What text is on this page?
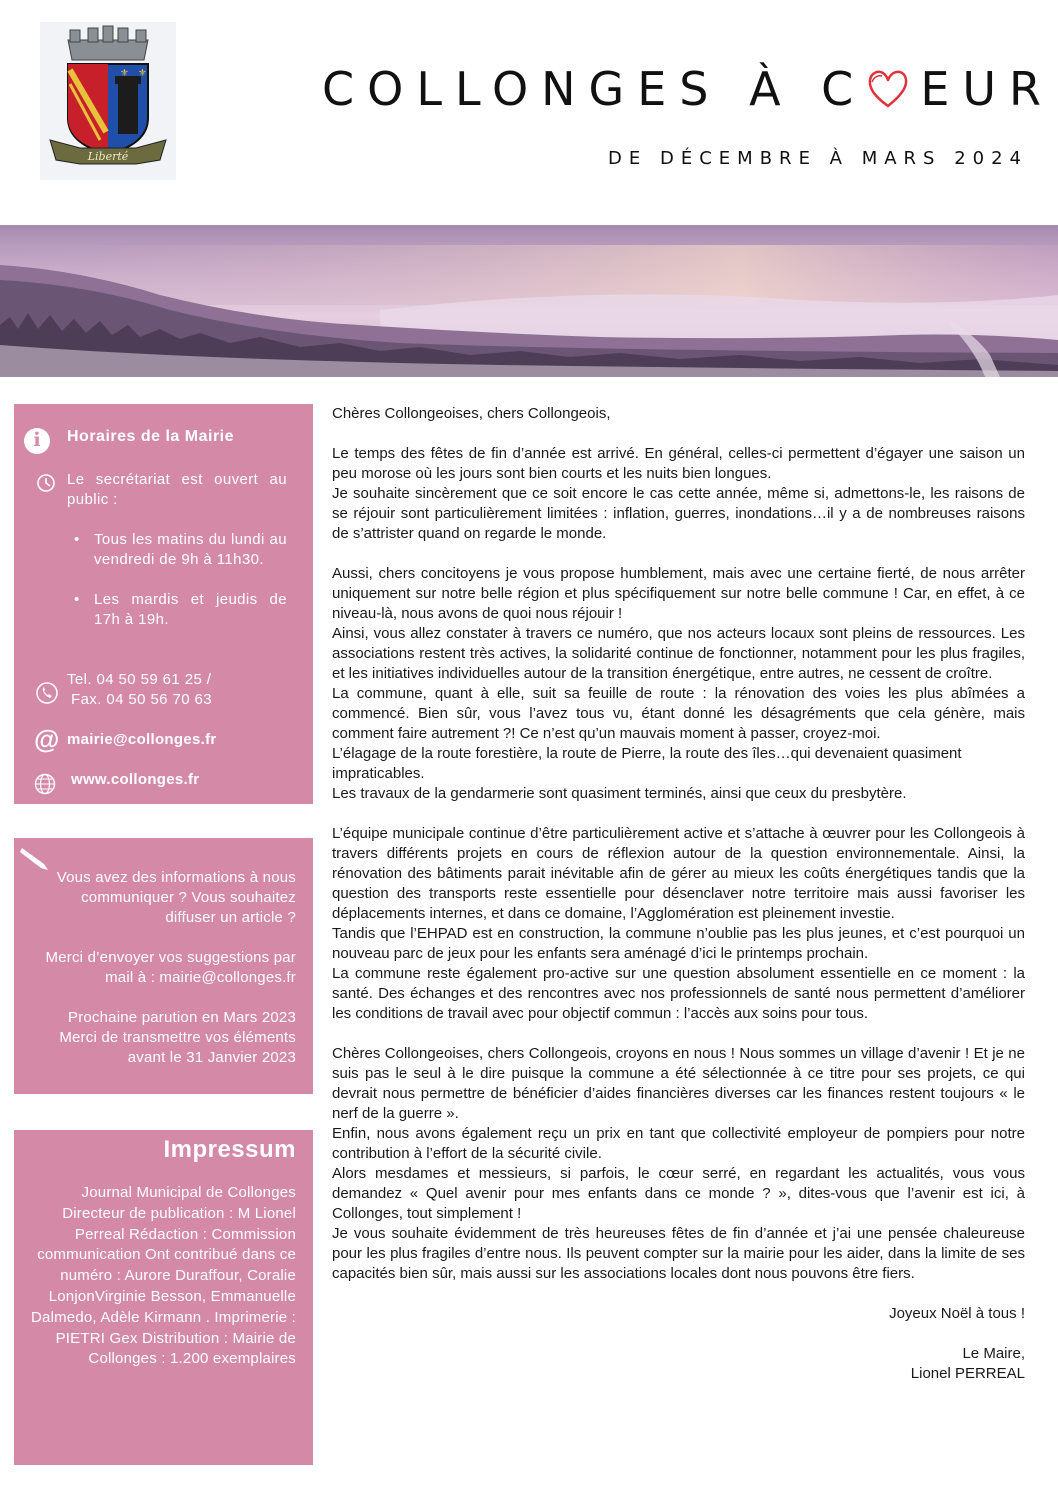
⚜ ⚜
Liberté
COLLONGES À C EUR
DE DÉCEMBRE À MARS 2024
i	Horaires de la Mairie
Le secrétariat est ouvert au public :
• Tous les matins du lundi au vendredi de 9h à 11h30.
• Les mardis et jeudis de 17h à 19h.
Tel. 04 50 59 61 25 /
Fax. 04 50 56 70 63
@ mairie@collonges.fr
www.collonges.fr

Vous avez des informations à nous communiquer ? Vous souhaitez diffuser un article ?

Merci d’envoyer vos suggestions par mail à : mairie@collonges.fr

Prochaine parution en Mars 2023 Merci de transmettre vos éléments avant le 31 Janvier 2023

Impressum
Journal Municipal de Collonges Directeur de publication : M Lionel Perreal Rédaction : Commission communication Ont contribué dans ce numéro : Aurore Duraffour, Coralie LonjonVirginie Besson, Emmanuelle Dalmedo, Adèle Kirmann . Imprimerie : PIETRI Gex Distribution : Mairie de Collonges : 1.200 exemplaires

Chères Collongeoises, chers Collongeois,

Le temps des fêtes de fin d’année est arrivé. En général, celles-ci permettent d’égayer une saison un peu morose où les jours sont bien courts et les nuits bien longues.

Je souhaite sincèrement que ce soit encore le cas cette année, même si, admettons-le, les raisons de se réjouir sont particulièrement limitées : inflation, guerres, inondations…il y a de nombreuses raisons de s’attrister quand on regarde le monde.

Aussi, chers concitoyens je vous propose humblement, mais avec une certaine fierté, de nous arrêter uniquement sur notre belle région et plus spécifiquement sur notre belle commune ! Car, en effet, à ce niveau-là, nous avons de quoi nous réjouir !

Ainsi, vous allez constater à travers ce numéro, que nos acteurs locaux sont pleins de ressources. Les associations restent très actives, la solidarité continue de fonctionner, notamment pour les plus fragiles, et les initiatives individuelles autour de la transition énergétique, entre autres, ne cessent de croître.

La commune, quant à elle, suit sa feuille de route : la rénovation des voies les plus abîmées a commencé. Bien sûr, vous l’avez tous vu, étant donné les désagréments que cela génère, mais comment faire autrement ?! Ce n’est qu’un mauvais moment à passer, croyez-moi.

L’élagage de la route forestière, la route de Pierre, la route des îles…qui devenaient quasiment impraticables.

Les travaux de la gendarmerie sont quasiment terminés, ainsi que ceux du presbytère.

L’équipe municipale continue d’être particulièrement active et s’attache à œuvrer pour les Collongeois à travers différents projets en cours de réflexion autour de la question environnementale. Ainsi, la rénovation des bâtiments parait inévitable afin de gérer au mieux les coûts énergétiques tandis que la question des transports reste essentielle pour désenclaver notre territoire mais aussi favoriser les déplacements internes, et dans ce domaine, l’Agglomération est pleinement investie.

Tandis que l’EHPAD est en construction, la commune n’oublie pas les plus jeunes, et c’est pourquoi un nouveau parc de jeux pour les enfants sera aménagé d’ici le printemps prochain.

La commune reste également pro-active sur une question absolument essentielle en ce moment : la santé. Des échanges et des rencontres avec nos professionnels de santé nous permettent d’améliorer les conditions de travail avec pour objectif commun : l’accès aux soins pour tous.

Chères Collongeoises, chers Collongeois, croyons en nous ! Nous sommes un village d’avenir ! Et je ne suis pas le seul à le dire puisque la commune a été sélectionnée à ce titre pour ses projets, ce qui devrait nous permettre de bénéficier d’aides financières diverses car les finances restent toujours « le nerf de la guerre ».

Enfin, nous avons également reçu un prix en tant que collectivité employeur de pompiers pour notre contribution à l’effort de la sécurité civile.

Alors mesdames et messieurs, si parfois, le cœur serré, en regardant les actualités, vous vous demandez « Quel avenir pour mes enfants dans ce monde ? », dites-vous que l’avenir est ici, à Collonges, tout simplement !

Je vous souhaite évidemment de très heureuses fêtes de fin d’année et j’ai une pensée chaleureuse pour les plus fragiles d’entre nous. Ils peuvent compter sur la mairie pour les aider, dans la limite de ses capacités bien sûr, mais aussi sur les associations locales dont nous pouvons être fiers.

Joyeux Noël à tous !

Le Maire,

Lionel PERREAL
